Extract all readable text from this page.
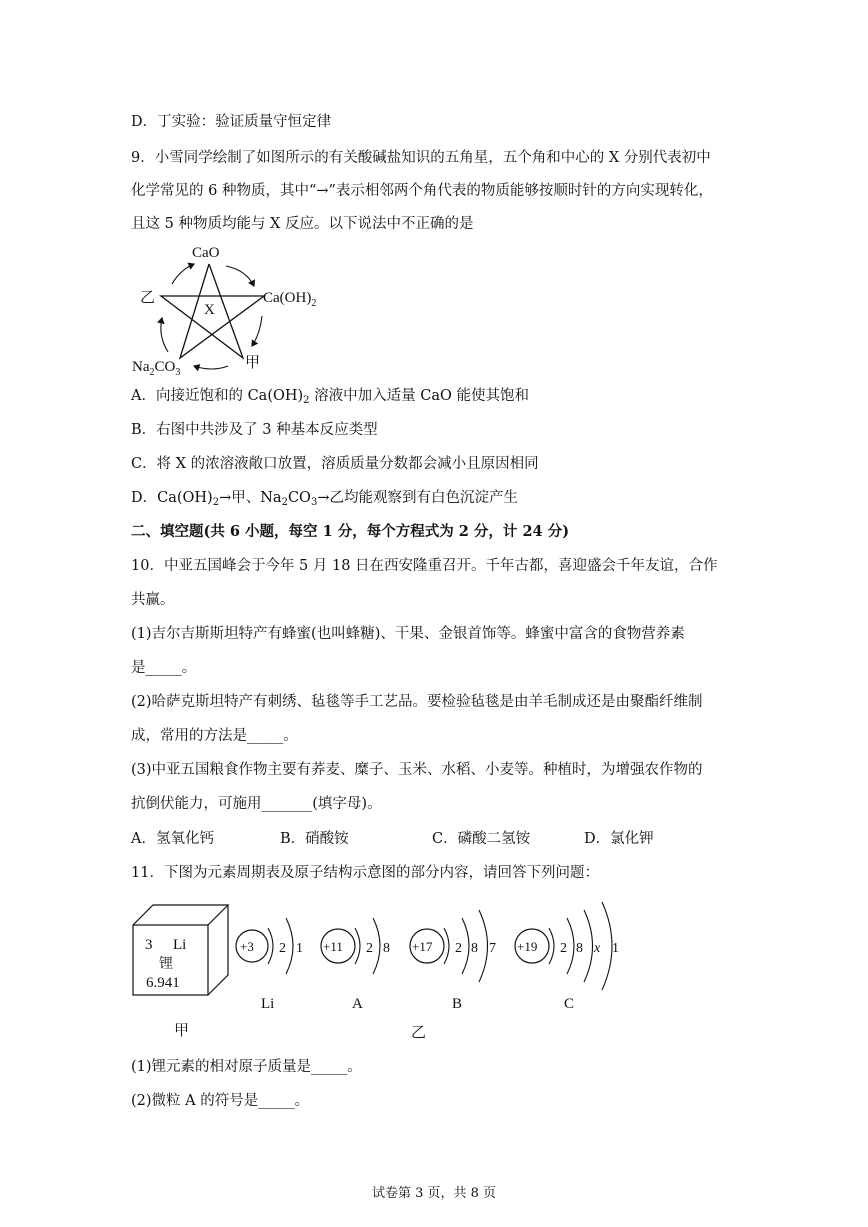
D．丁实验：验证质量守恒定律
9．小雪同学绘制了如图所示的有关酸碱盐知识的五角星，五个角和中心的 X 分别代表初中
化学常见的 6 种物质，其中“→”表示相邻两个角代表的物质能够按顺时针的方向实现转化，
且这 5 种物质均能与 X 反应。以下说法中不正确的是
CaO
$Ca(OH)_2$
甲
$Na_2CO_3$
乙
X
A．向接近饱和的 $Ca(OH)_2$ 溶液中加入适量 CaO 能使其饱和
B．右图中共涉及了 3 种基本反应类型
C．将 X 的浓溶液敞口放置，溶质质量分数都会减小且原因相同
D．$Ca(OH)_2\to$甲、$Na_2CO_3\to$乙均能观察到有白色沉淀产生
二、填空题(共 6 小题，每空 1 分，每个方程式为 2 分，计 24 分)
10．中亚五国峰会于今年 5 月 18 日在西安隆重召开。千年古都，喜迎盛会千年友谊，合作
共赢。
(1)吉尔吉斯斯坦特产有蜂蜜(也叫蜂糖)、干果、金银首饰等。蜂蜜中富含的食物营养素
是_____。
(2)哈萨克斯坦特产有刺绣、毡毯等手工艺品。要检验毡毯是由羊毛制成还是由聚酯纤维制
成，常用的方法是_____。
(3)中亚五国粮食作物主要有荞麦、糜子、玉米、水稻、小麦等。种植时，为增强农作物的
抗倒伏能力，可施用_______(填字母)。
A．氢氧化钙	B．硝酸铵	C．磷酸二氢铵	D．氯化钾
11．下图为元素周期表及原子结构示意图的部分内容，请回答下列问题：
3 Li
锂
6.941
+3 2 1
Li
+11 2 8
A
+17 2 8 7
B
+19 2 8 x 1
C
甲	乙
(1)锂元素的相对原子质量是_____。
(2)微粒 A 的符号是_____。
试卷第 3 页，共 8 页
